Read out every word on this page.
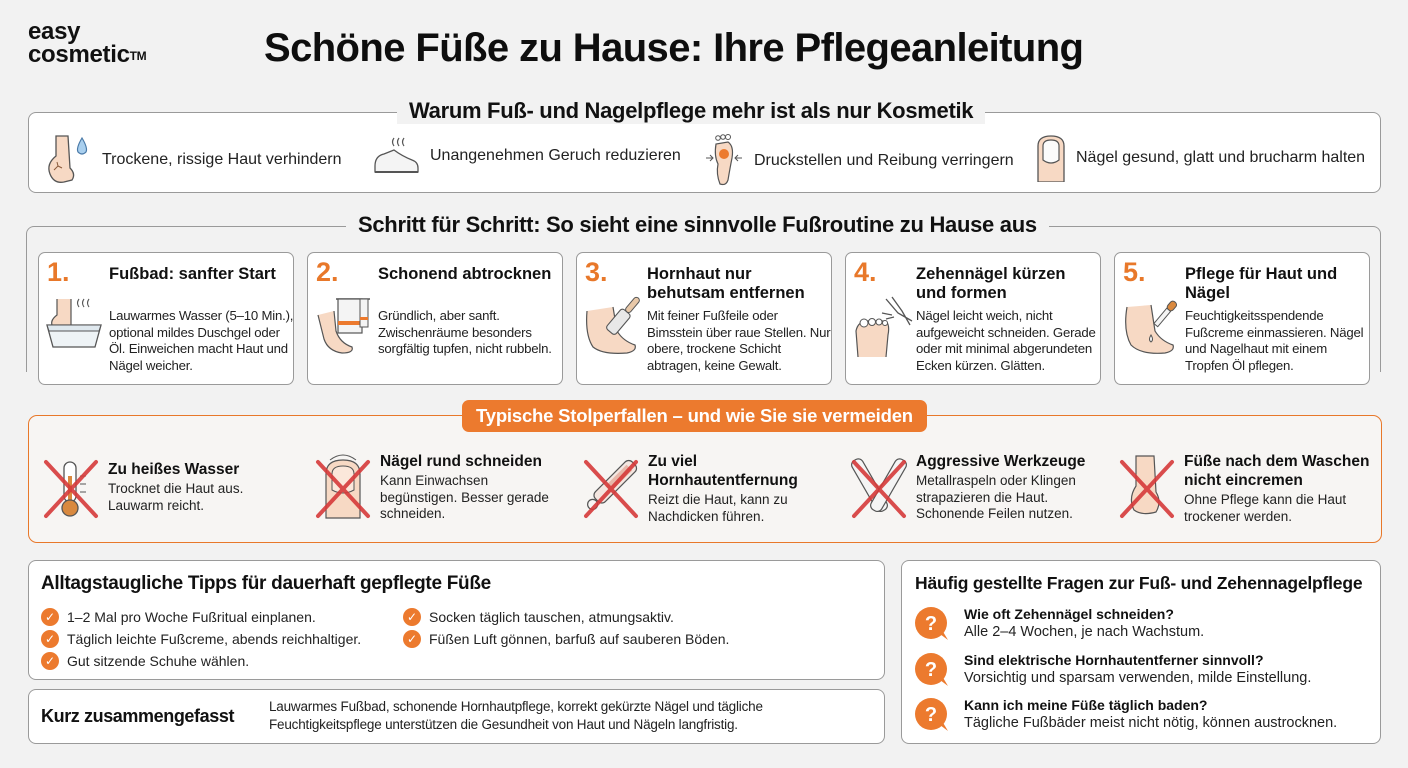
easy
cosmetic™	Schöne Füße zu Hause: Ihre Pflegeanleitung
Warum Fuß- und Nagelpflege mehr ist als nur Kosmetik
Trockene, rissige Haut verhindern	Unangenehmen Geruch reduzieren	Druckstellen und Reibung verringern	Nägel gesund, glatt und brucharm halten
Schritt für Schritt: So sieht eine sinnvolle Fußroutine zu Hause aus
1. Fußbad: sanfter Start
Lauwarmes Wasser (5–10 Min.), optional mildes Duschgel oder Öl. Einweichen macht Haut und Nägel weicher.
2. Schonend abtrocknen
Gründlich, aber sanft. Zwischenräume besonders sorgfältig tupfen, nicht rubbeln.
3. Hornhaut nur behutsam entfernen
Mit feiner Fußfeile oder Bimsstein über raue Stellen. Nur obere, trockene Schicht abtragen, keine Gewalt.
4. Zehennägel kürzen und formen
Nägel leicht weich, nicht aufgeweicht schneiden. Gerade oder mit minimal abgerundeten Ecken kürzen. Glätten.
5. Pflege für Haut und Nägel
Feuchtigkeitsspendende Fußcreme einmassieren. Nägel und Nagelhaut mit einem Tropfen Öl pflegen.
Typische Stolperfallen – und wie Sie sie vermeiden
Zu heißes Wasser
Trocknet die Haut aus. Lauwarm reicht.
Nägel rund schneiden
Kann Einwachsen begünstigen. Besser gerade schneiden.
Zu viel Hornhautentfernung
Reizt die Haut, kann zu Nachdicken führen.
Aggressive Werkzeuge
Metallraspeln oder Klingen strapazieren die Haut. Schonende Feilen nutzen.
Füße nach dem Waschen nicht eincremen
Ohne Pflege kann die Haut trockener werden.
Alltagstaugliche Tipps für dauerhaft gepflegte Füße
✓ 1–2 Mal pro Woche Fußritual einplanen.
✓ Täglich leichte Fußcreme, abends reichhaltiger.
✓ Gut sitzende Schuhe wählen.
✓ Socken täglich tauschen, atmungsaktiv.
✓ Füßen Luft gönnen, barfuß auf sauberen Böden.
Kurz zusammengefasst	Lauwarmes Fußbad, schonende Hornhautpflege, korrekt gekürzte Nägel und tägliche Feuchtigkeitspflege unterstützen die Gesundheit von Haut und Nägeln langfristig.
Häufig gestellte Fragen zur Fuß- und Zehennagelpflege
? Wie oft Zehennägel schneiden?
Alle 2–4 Wochen, je nach Wachstum.
? Sind elektrische Hornhautentferner sinnvoll?
Vorsichtig und sparsam verwenden, milde Einstellung.
? Kann ich meine Füße täglich baden?
Tägliche Fußbäder meist nicht nötig, können austrocknen.
